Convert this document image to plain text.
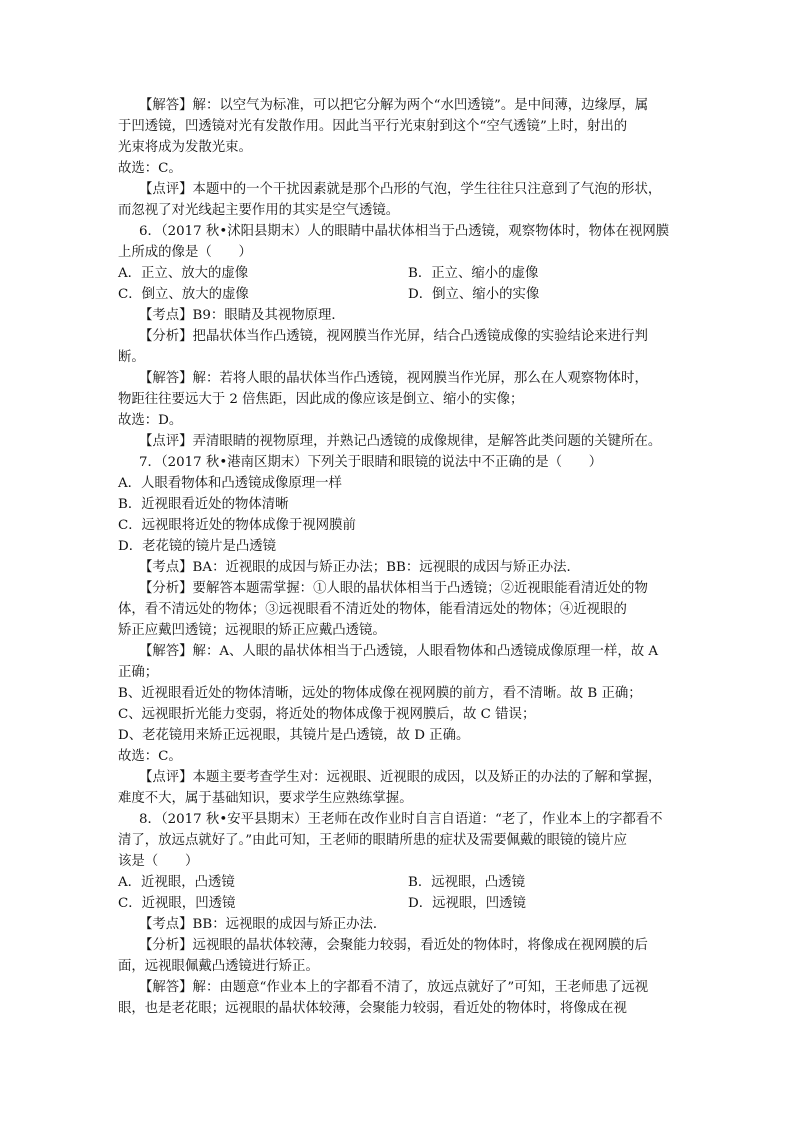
【解答】解：以空气为标准，可以把它分解为两个“水凹透镜”。是中间薄，边缘厚，属
于凹透镜，凹透镜对光有发散作用。因此当平行光束射到这个“空气透镜”上时，射出的
光束将成为发散光束。
故选：C。
【点评】本题中的一个干扰因素就是那个凸形的气泡，学生往往只注意到了气泡的形状，
而忽视了对光线起主要作用的其实是空气透镜。
6．（2017 秋•沭阳县期末）人的眼睛中晶状体相当于凸透镜，观察物体时，物体在视网膜
上所成的像是（　　）
A．正立、放大的虚像	B．正立、缩小的虚像
C．倒立、放大的虚像	D．倒立、缩小的实像
【考点】B9：眼睛及其视物原理．
【分析】把晶状体当作凸透镜，视网膜当作光屏，结合凸透镜成像的实验结论来进行判
断。
【解答】解：若将人眼的晶状体当作凸透镜，视网膜当作光屏，那么在人观察物体时，
物距往往要远大于 2 倍焦距，因此成的像应该是倒立、缩小的实像；
故选：D。
【点评】弄清眼睛的视物原理，并熟记凸透镜的成像规律，是解答此类问题的关键所在。
7．（2017 秋•港南区期末）下列关于眼睛和眼镜的说法中不正确的是（　　）
A．人眼看物体和凸透镜成像原理一样
B．近视眼看近处的物体清晰
C．远视眼将近处的物体成像于视网膜前
D．老花镜的镜片是凸透镜
【考点】BA：近视眼的成因与矫正办法；BB：远视眼的成因与矫正办法．
【分析】要解答本题需掌握：①人眼的晶状体相当于凸透镜；②近视眼能看清近处的物
体，看不清远处的物体；③远视眼看不清近处的物体，能看清远处的物体；④近视眼的
矫正应戴凹透镜；远视眼的矫正应戴凸透镜。
【解答】解：A、人眼的晶状体相当于凸透镜，人眼看物体和凸透镜成像原理一样，故 A
正确；
B、近视眼看近处的物体清晰，远处的物体成像在视网膜的前方，看不清晰。故 B 正确；
C、远视眼折光能力变弱，将近处的物体成像于视网膜后，故 C 错误；
D、老花镜用来矫正远视眼，其镜片是凸透镜，故 D 正确。
故选：C。
【点评】本题主要考查学生对：远视眼、近视眼的成因，以及矫正的办法的了解和掌握，
难度不大，属于基础知识，要求学生应熟练掌握。
8．（2017 秋•安平县期末）王老师在改作业时自言自语道：“老了，作业本上的字都看不
清了，放远点就好了。”由此可知，王老师的眼睛所患的症状及需要佩戴的眼镜的镜片应
该是（　　）
A．近视眼，凸透镜	B．远视眼，凸透镜
C．近视眼，凹透镜	D．远视眼，凹透镜
【考点】BB：远视眼的成因与矫正办法．
【分析】远视眼的晶状体较薄，会聚能力较弱，看近处的物体时，将像成在视网膜的后
面，远视眼佩戴凸透镜进行矫正。
【解答】解：由题意“作业本上的字都看不清了，放远点就好了”可知，王老师患了远视
眼，也是老花眼；远视眼的晶状体较薄，会聚能力较弱，看近处的物体时，将像成在视
